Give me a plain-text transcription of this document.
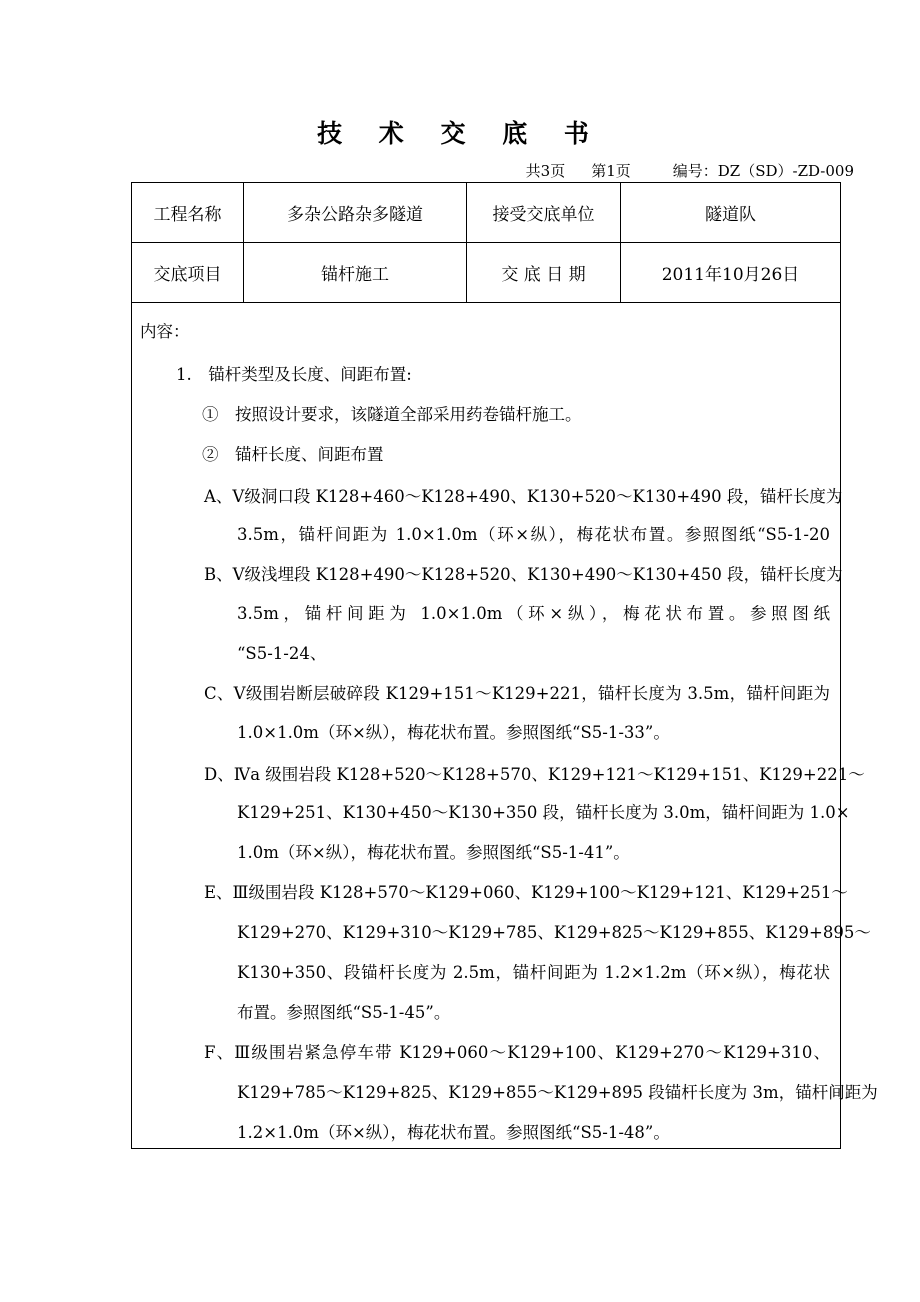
技 术 交 底 书
共3页 第1页	编号：DZ（SD）-ZD-009
工程名称	多杂公路杂多隧道	接受交底单位	隧道队
交底项目	锚杆施工	交 底 日 期	2011年10月26日
内容：
1.　锚杆类型及长度、间距布置:
①　按照设计要求，该隧道全部采用药卷锚杆施工。
②　锚杆长度、间距布置
A、Ⅴ级洞口段 K128+460～K128+490、K130+520～K130+490 段，锚杆长度为
3.5m，锚杆间距为 1.0×1.0m（环×纵），梅花状布置。参照图纸“S5-1-20
B、Ⅴ级浅埋段 K128+490～K128+520、K130+490～K130+450 段，锚杆长度为
3.5m，锚杆间距为 1.0×1.0m（环×纵），梅花状布置。参照图纸
“S5-1-24、
C、Ⅴ级围岩断层破碎段 K129+151～K129+221，锚杆长度为 3.5m，锚杆间距为
1.0×1.0m（环×纵），梅花状布置。参照图纸“S5-1-33”。
D、Ⅳa 级围岩段 K128+520～K128+570、K129+121～K129+151、K129+221～
K129+251、K130+450～K130+350 段，锚杆长度为 3.0m，锚杆间距为 1.0×
1.0m（环×纵），梅花状布置。参照图纸“S5-1-41”。
E、Ⅲ级围岩段 K128+570～K129+060、K129+100～K129+121、K129+251～
K129+270、K129+310～K129+785、K129+825～K129+855、K129+895～
K130+350、段锚杆长度为 2.5m，锚杆间距为 1.2×1.2m（环×纵），梅花状
布置。参照图纸“S5-1-45”。
F、Ⅲ级围岩紧急停车带 K129+060～K129+100、K129+270～K129+310、
K129+785～K129+825、K129+855～K129+895 段锚杆长度为 3m，锚杆间距为
1.2×1.0m（环×纵），梅花状布置。参照图纸“S5-1-48”。
